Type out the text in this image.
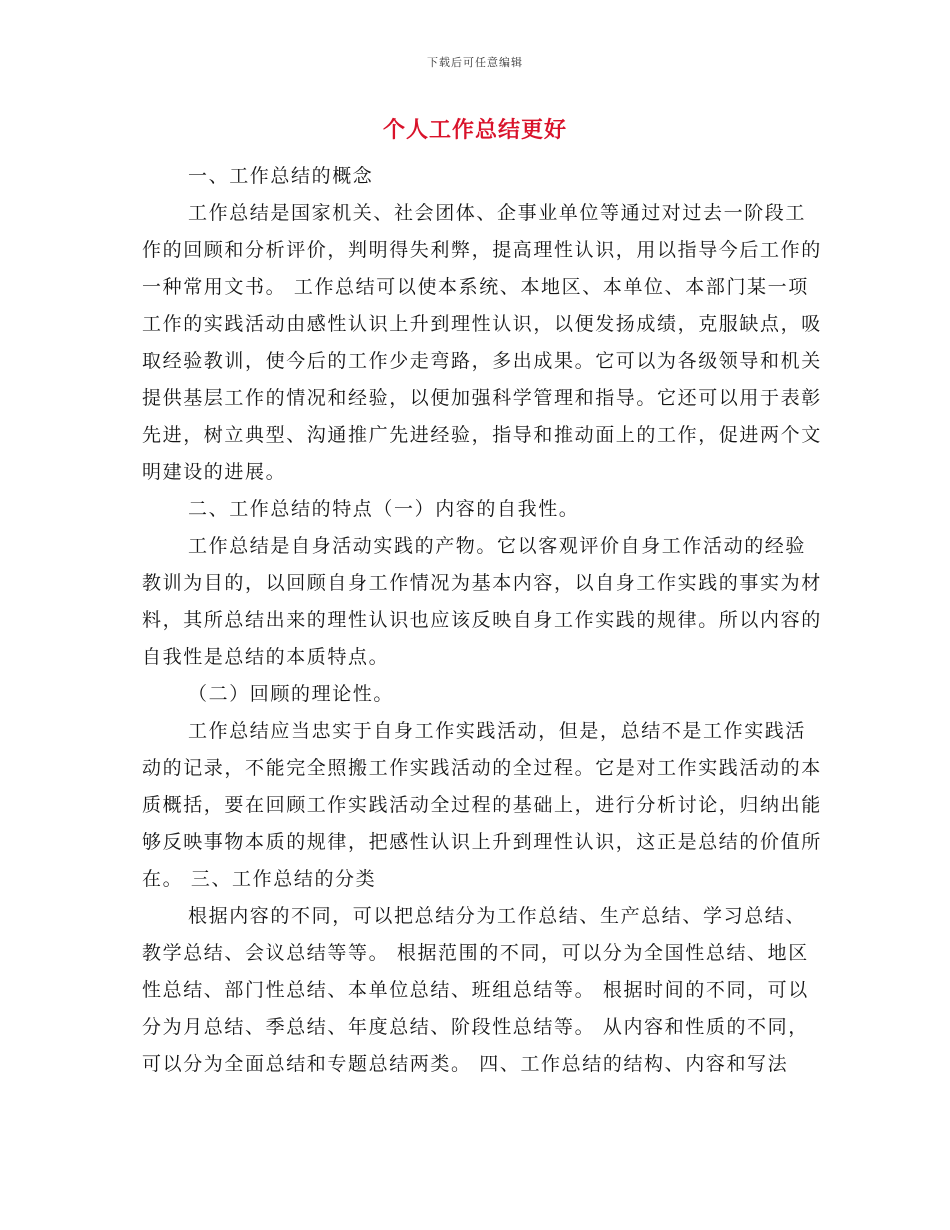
下载后可任意编辑
个人工作总结更好

一、工作总结的概念

工作总结是国家机关、社会团体、企事业单位等通过对过去一阶段工作的回顾和分析评价，判明得失利弊，提高理性认识，用以指导今后工作的一种常用文书。 工作总结可以使本系统、本地区、本单位、本部门某一项工作的实践活动由感性认识上升到理性认识，以便发扬成绩，克服缺点，吸取经验教训，使今后的工作少走弯路，多出成果。它可以为各级领导和机关提供基层工作的情况和经验，以便加强科学管理和指导。它还可以用于表彰先进，树立典型、沟通推广先进经验，指导和推动面上的工作，促进两个文明建设的进展。

二、工作总结的特点（一）内容的自我性。

工作总结是自身活动实践的产物。它以客观评价自身工作活动的经验教训为目的，以回顾自身工作情况为基本内容，以自身工作实践的事实为材料，其所总结出来的理性认识也应该反映自身工作实践的规律。所以内容的自我性是总结的本质特点。

（二）回顾的理论性。

工作总结应当忠实于自身工作实践活动，但是，总结不是工作实践活动的记录，不能完全照搬工作实践活动的全过程。它是对工作实践活动的本质概括，要在回顾工作实践活动全过程的基础上，进行分析讨论，归纳出能够反映事物本质的规律，把感性认识上升到理性认识，这正是总结的价值所在。 三、工作总结的分类

根据内容的不同，可以把总结分为工作总结、生产总结、学习总结、教学总结、会议总结等等。 根据范围的不同，可以分为全国性总结、地区性总结、部门性总结、本单位总结、班组总结等。 根据时间的不同，可以分为月总结、季总结、年度总结、阶段性总结等。 从内容和性质的不同，可以分为全面总结和专题总结两类。 四、工作总结的结构、内容和写法
